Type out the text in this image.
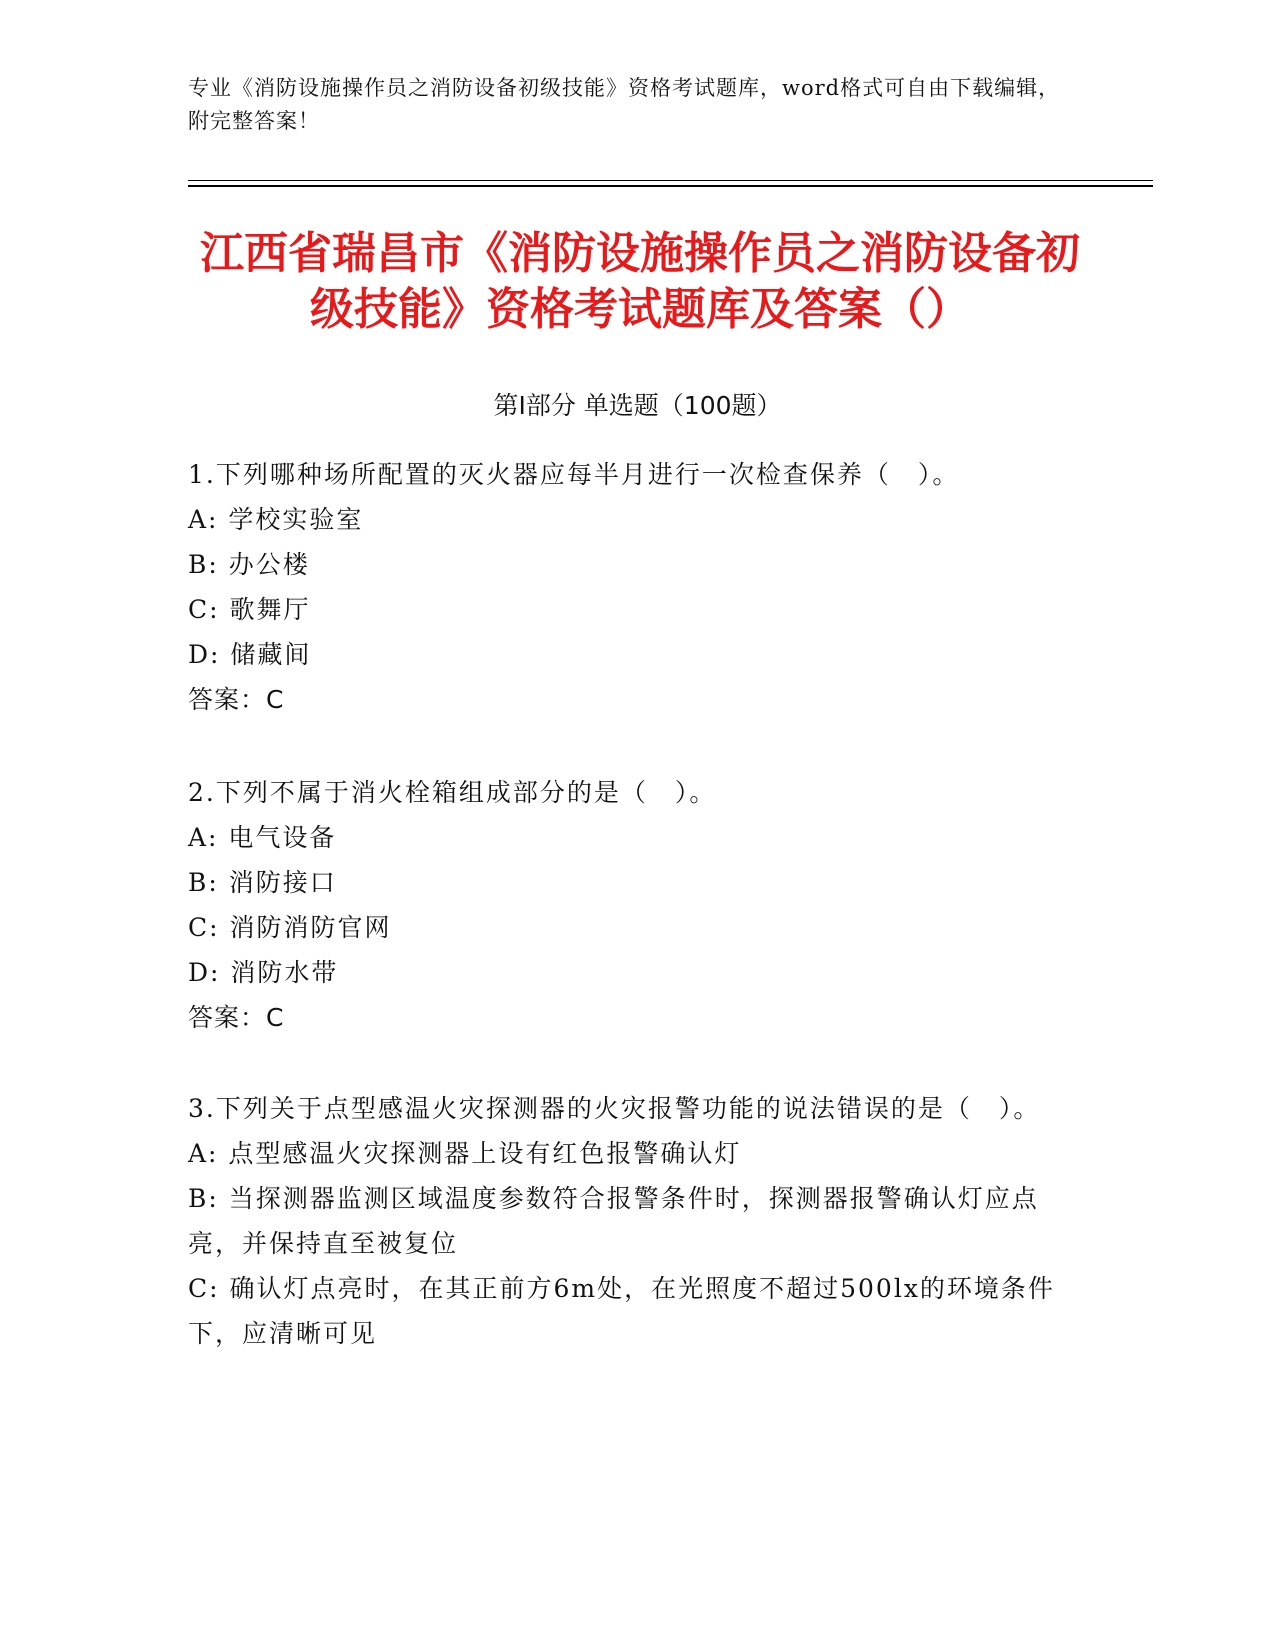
专业《消防设施操作员之消防设备初级技能》资格考试题库，word格式可自由下载编辑，附完整答案！
江西省瑞昌市《消防设施操作员之消防设备初级技能》资格考试题库及答案（）
第Ⅰ部分 单选题（100题）
1.下列哪种场所配置的灭火器应每半月进行一次检查保养（　）。
A: 学校实验室
B: 办公楼
C: 歌舞厅
D: 储藏间
答案：C
2.下列不属于消火栓箱组成部分的是（　）。
A: 电气设备
B: 消防接口
C: 消防消防官网
D: 消防水带
答案：C
3.下列关于点型感温火灾探测器的火灾报警功能的说法错误的是（　）。
A: 点型感温火灾探测器上设有红色报警确认灯
B: 当探测器监测区域温度参数符合报警条件时，探测器报警确认灯应点亮，并保持直至被复位
C: 确认灯点亮时，在其正前方6m处，在光照度不超过500lx的环境条件下，应清晰可见
